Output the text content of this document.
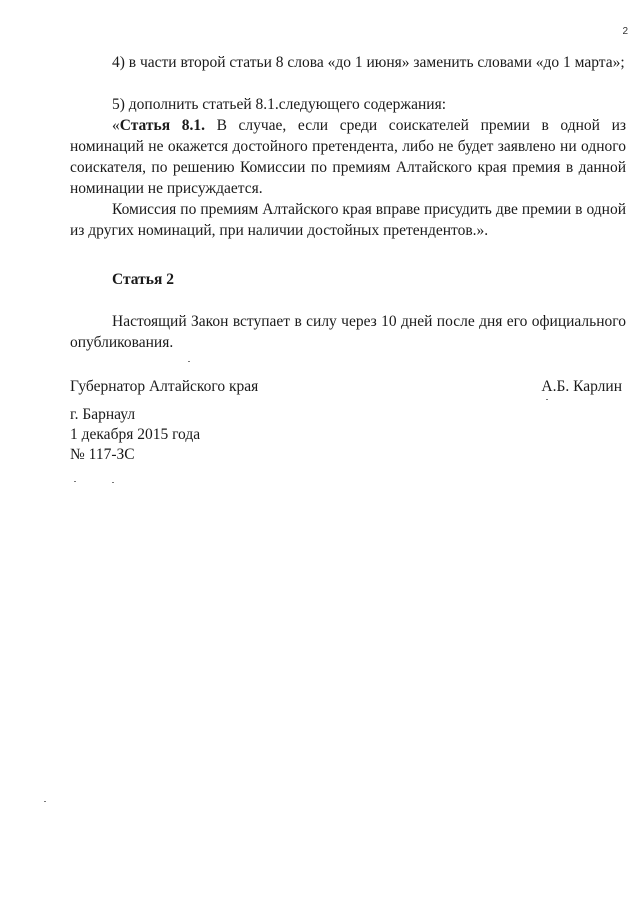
2

4) в части второй статьи 8 слова «до 1 июня» заменить словами «до 1 марта»;

5) дополнить статьей 8.1.следующего содержания:

«Статья 8.1. В случае, если среди соискателей премии в одной из номинаций не окажется достойного претендента, либо не будет заявлено ни одного соискателя, по решению Комиссии по премиям Алтайского края премия в данной номинации не присуждается.

Комиссия по премиям Алтайского края вправе присудить две премии в одной из других номинаций, при наличии достойных претендентов.».

Статья 2

Настоящий Закон вступает в силу через 10 дней после дня его официального опубликования.

Губернатор Алтайского края	А.Б. Карлин
г. Барнаул
1 декабря 2015 года
№ 117-ЗС
